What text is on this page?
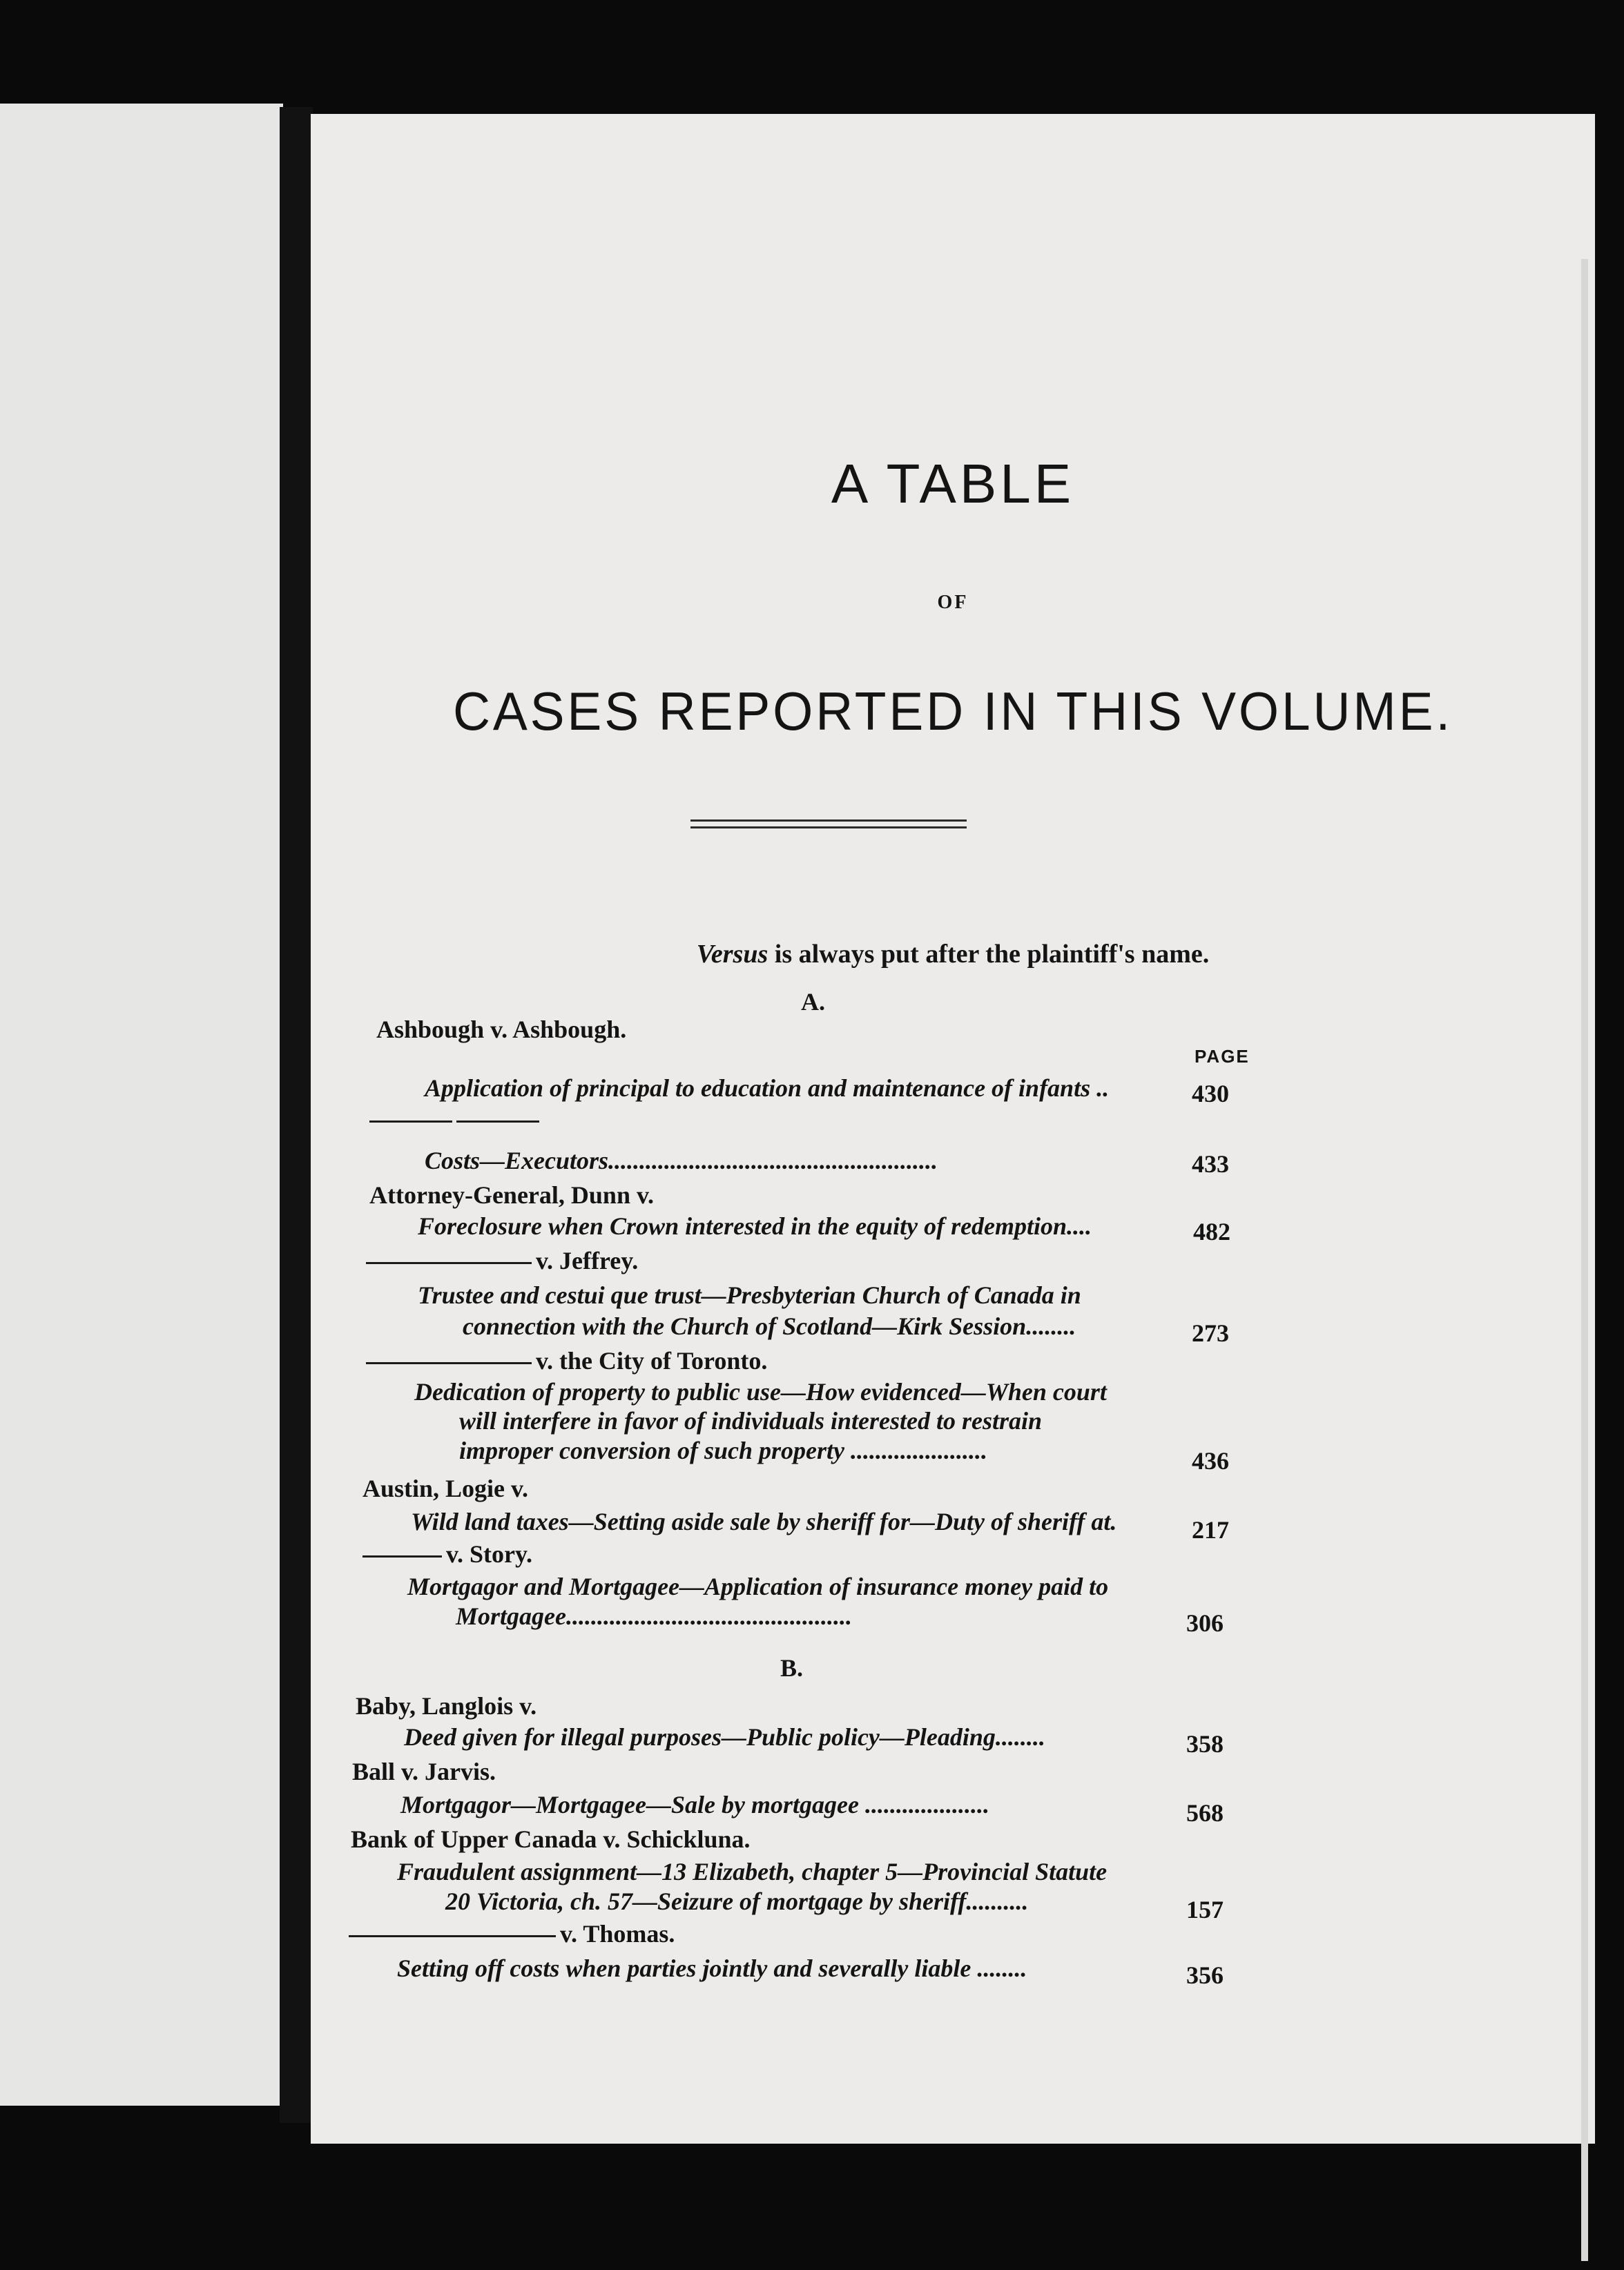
A TABLE
OF
CASES REPORTED IN THIS VOLUME.
Versus is always put after the plaintiff's name.
A.
Ashbough v. Ashbough.
PAGE
Application of principal to education and maintenance of infants ..	430
Costs—Executors.....................................................	433
Attorney-General, Dunn v.
Foreclosure when Crown interested in the equity of redemption....	482
v. Jeffrey.
Trustee and cestui que trust—Presbyterian Church of Canada in
connection with the Church of Scotland—Kirk Session........	273
v. the City of Toronto.
Dedication of property to public use—How evidenced—When court
will interfere in favor of individuals interested to restrain
improper conversion of such property ......................	436
Austin, Logie v.
Wild land taxes—Setting aside sale by sheriff for—Duty of sheriff at.	217
v. Story.
Mortgagor and Mortgagee—Application of insurance money paid to
Mortgagee..............................................	306
B.
Baby, Langlois v.
Deed given for illegal purposes—Public policy—Pleading........	358
Ball v. Jarvis.
Mortgagor—Mortgagee—Sale by mortgagee ....................	568
Bank of Upper Canada v. Schickluna.
Fraudulent assignment—13 Elizabeth, chapter 5—Provincial Statute
20 Victoria, ch. 57—Seizure of mortgage by sheriff..........	157
v. Thomas.
Setting off costs when parties jointly and severally liable ........	356
